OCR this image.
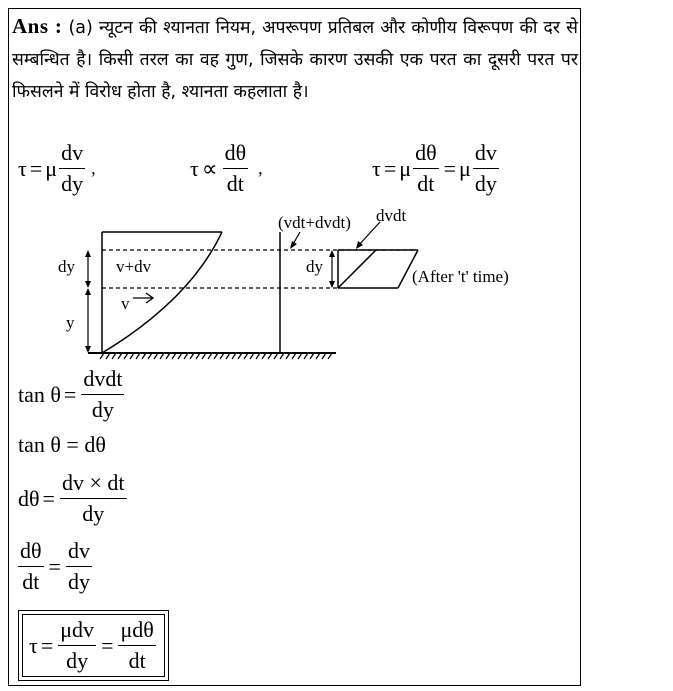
Ans : (a) न्यूटन की श्यानता नियम, अपरूपण प्रतिबल और कोणीय विरूपण की दर से सम्बन्धित है। किसी तरल का वह गुण, जिसके कारण उसकी एक परत का दूसरी परत पर फिसलने में विरोध होता है, श्यानता कहलाता है।
τ = μ $\frac{dv}{dy}$ ,	$\tau \propto \frac{d\theta}{dt}$ ,	τ = μ $\frac{d\theta}{dt} = \mu \frac{dv}{dy}$
dy v+dv
v
y
dy
(vdt+dvdt) dvdt
(After 't' time)
$\tan \theta = \frac{\text{dvdt}}{dy}$
tan θ = dθ
$d\theta = \frac{dv \times dt}{dy}$
$\frac{d\theta}{dt} = \frac{dv}{dy}$
$\tau = \frac{\text{μdv}}{dy} = \frac{\text{μdθ}}{dt}$
